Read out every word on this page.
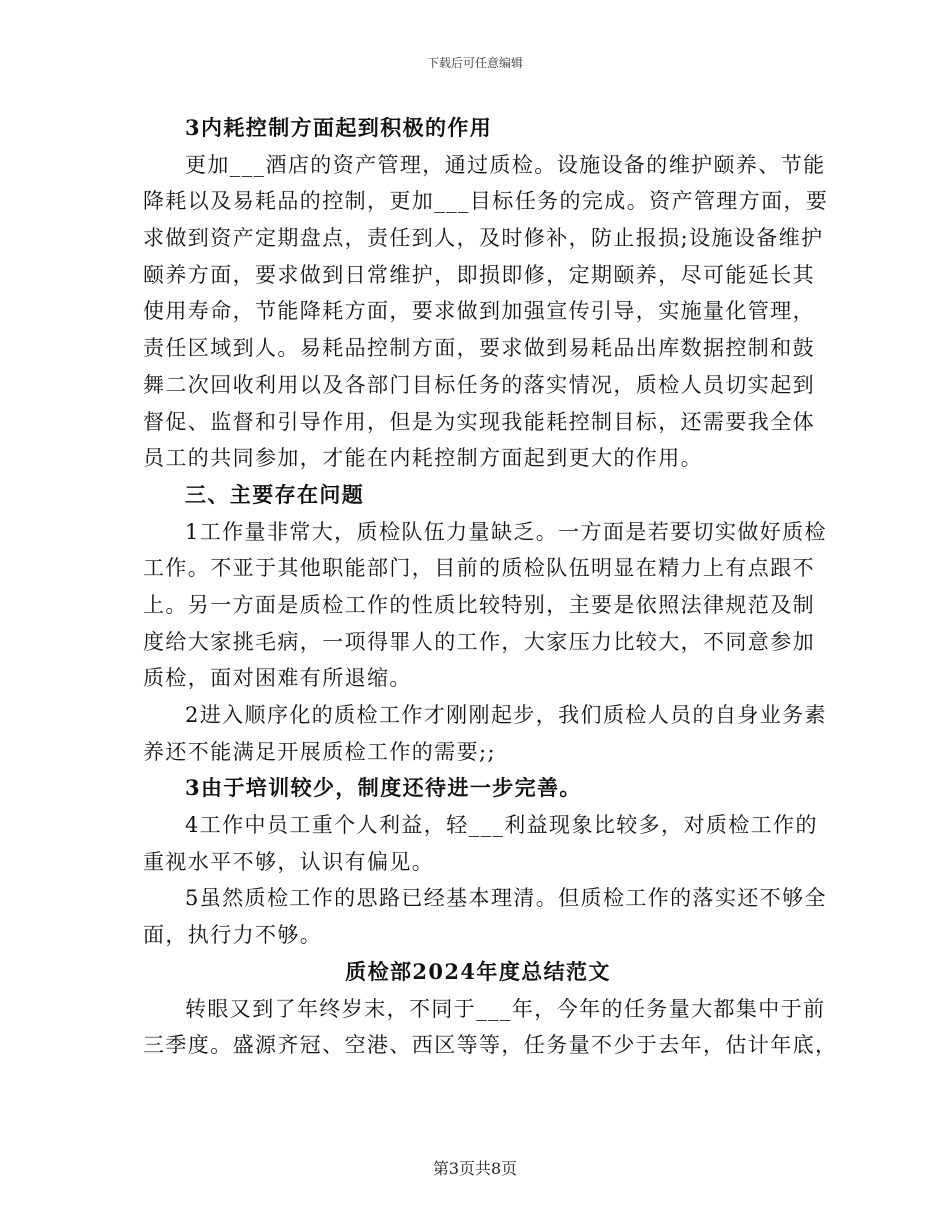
下载后可任意编辑
3内耗控制方面起到积极的作用
更加___酒店的资产管理，通过质检。设施设备的维护颐养、节能
降耗以及易耗品的控制，更加___目标任务的完成。资产管理方面，要
求做到资产定期盘点，责任到人，及时修补，防止报损;设施设备维护
颐养方面，要求做到日常维护，即损即修，定期颐养，尽可能延长其
使用寿命，节能降耗方面，要求做到加强宣传引导，实施量化管理，
责任区域到人。易耗品控制方面，要求做到易耗品出库数据控制和鼓
舞二次回收利用以及各部门目标任务的落实情况，质检人员切实起到
督促、监督和引导作用，但是为实现我能耗控制目标，还需要我全体
员工的共同参加，才能在内耗控制方面起到更大的作用。
三、主要存在问题
1工作量非常大，质检队伍力量缺乏。一方面是若要切实做好质检
工作。不亚于其他职能部门，目前的质检队伍明显在精力上有点跟不
上。另一方面是质检工作的性质比较特别，主要是依照法律规范及制
度给大家挑毛病，一项得罪人的工作，大家压力比较大，不同意参加
质检，面对困难有所退缩。
2进入顺序化的质检工作才刚刚起步，我们质检人员的自身业务素
养还不能满足开展质检工作的需要;;
3由于培训较少，制度还待进一步完善。
4工作中员工重个人利益，轻___利益现象比较多，对质检工作的
重视水平不够，认识有偏见。
5虽然质检工作的思路已经基本理清。但质检工作的落实还不够全
面，执行力不够。
质检部2024年度总结范文
转眼又到了年终岁末，不同于___年，今年的任务量大都集中于前
三季度。盛源齐冠、空港、西区等等，任务量不少于去年，估计年底，
第3页共8页
